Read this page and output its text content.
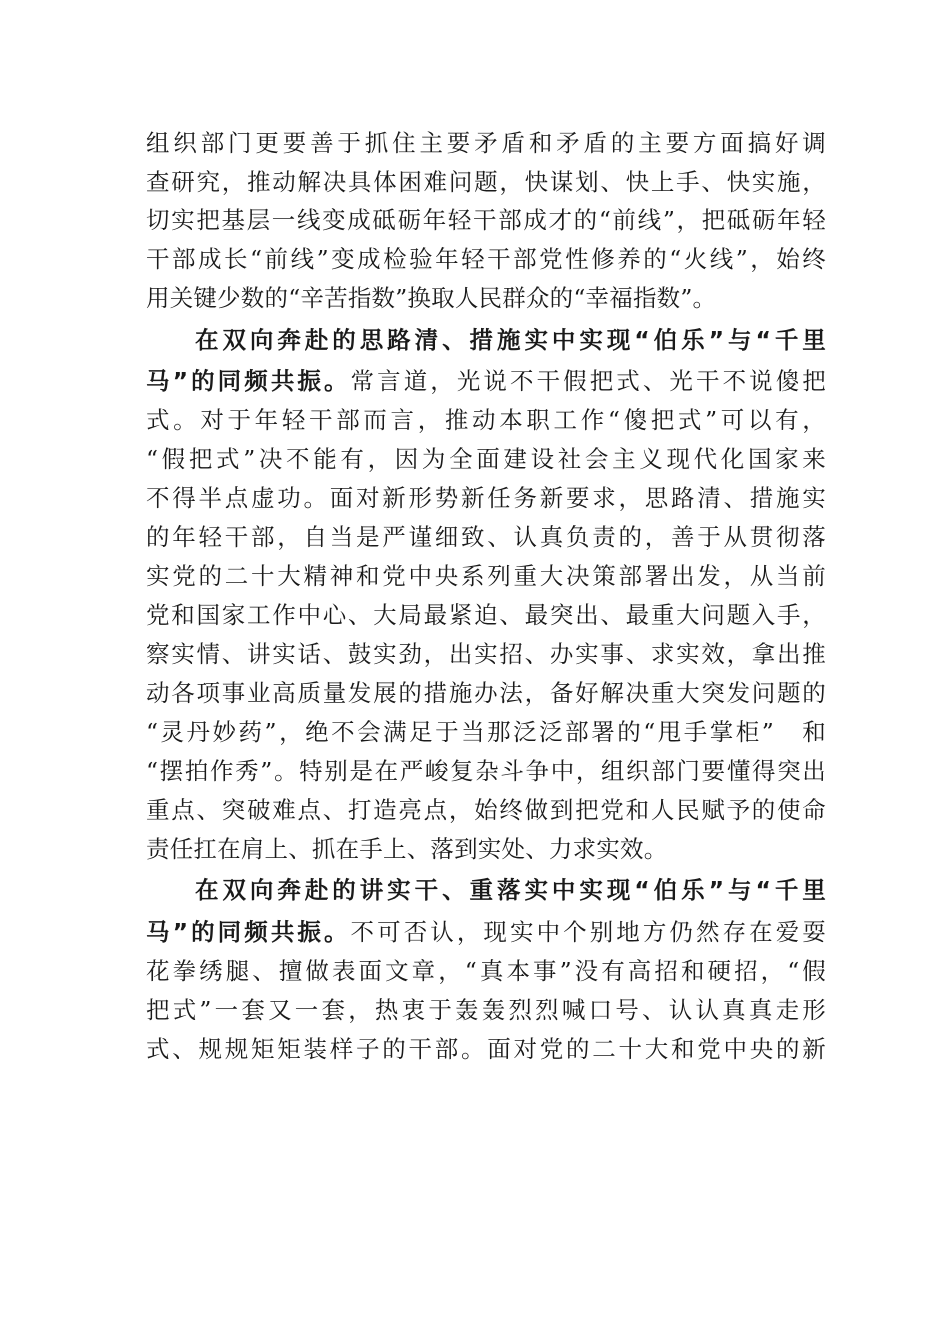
组织部门更要善于抓住主要矛盾和矛盾的主要方面搞好调
查研究，推动解决具体困难问题，快谋划、快上手、快实施，
切实把基层一线变成砥砺年轻干部成才的“前线”，把砥砺年轻
干部成长“前线”变成检验年轻干部党性修养的“火线”，始终
用关键少数的“辛苦指数”换取人民群众的“幸福指数”。
在双向奔赴的思路清、措施实中实现“伯乐”与“千里
马”的同频共振。常言道，光说不干假把式、光干不说傻把
式。对于年轻干部而言，推动本职工作“傻把式”可以有，
“假把式”决不能有，因为全面建设社会主义现代化国家来
不得半点虚功。面对新形势新任务新要求，思路清、措施实
的年轻干部，自当是严谨细致、认真负责的，善于从贯彻落
实党的二十大精神和党中央系列重大决策部署出发，从当前
党和国家工作中心、大局最紧迫、最突出、最重大问题入手，
察实情、讲实话、鼓实劲，出实招、办实事、求实效，拿出推
动各项事业高质量发展的措施办法，备好解决重大突发问题的
“灵丹妙药”，绝不会满足于当那泛泛部署的“甩手掌柜”　和
“摆拍作秀”。特别是在严峻复杂斗争中，组织部门要懂得突出
重点、突破难点、打造亮点，始终做到把党和人民赋予的使命
责任扛在肩上、抓在手上、落到实处、力求实效。
在双向奔赴的讲实干、重落实中实现“伯乐”与“千里
马”的同频共振。不可否认，现实中个别地方仍然存在爱耍
花拳绣腿、擅做表面文章，“真本事”没有高招和硬招，“假
把式”一套又一套，热衷于轰轰烈烈喊口号、认认真真走形
式、规规矩矩装样子的干部。面对党的二十大和党中央的新
